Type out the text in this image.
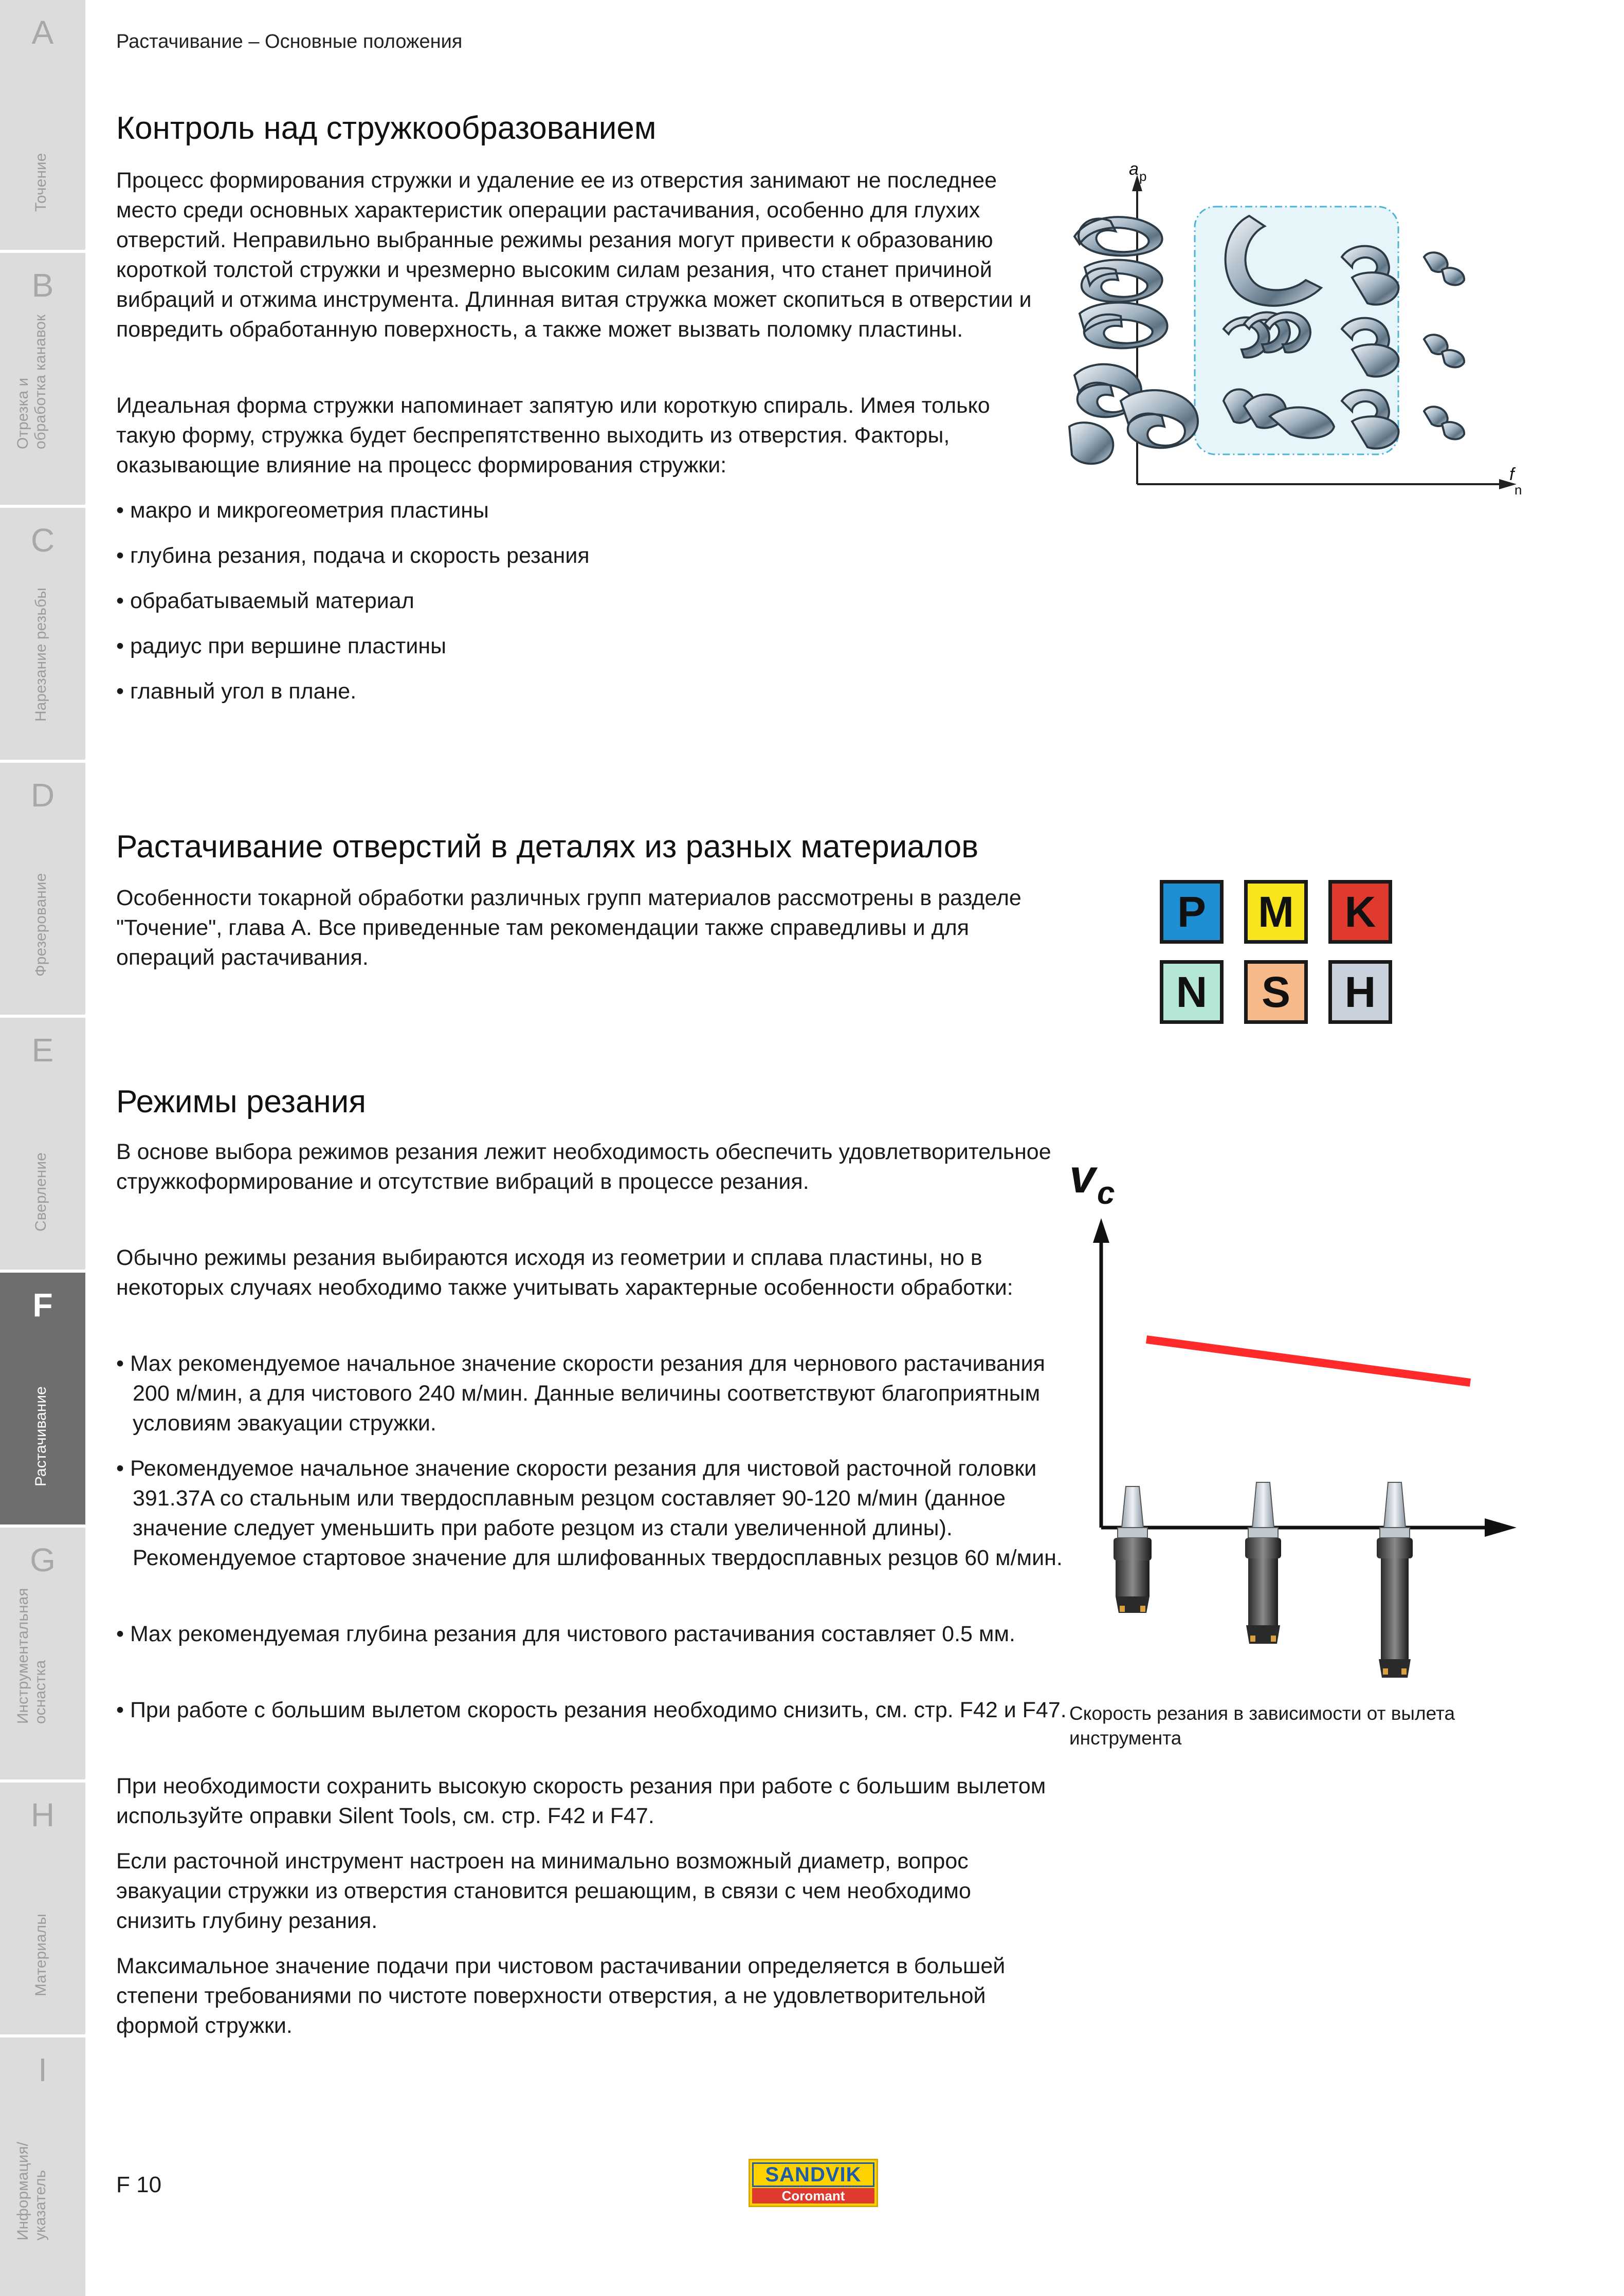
A
Точение
B
Отрезка и
обработка канавок
C
Нарезание резьбы
D
Фрезерование
E
Сверление
F
Растачивание
G
Инструментальная
оснастка
H
Материалы
I
Информация/
указатель
Растачивание – Основные положения
Контроль над стружкообразованием

Процесс формирования стружки и удаление ее из отверстия занимают не последнее место среди основных характеристик операции растачивания, особенно для глухих отверстий. Неправильно выбранные режимы резания могут привести к образованию короткой толстой стружки и чрезмерно высоким силам резания, что станет причиной вибраций и отжима инструмента. Длинная витая стружка может скопиться в отверстии и повредить обработанную поверхность, а также может вызвать поломку пластины.

Идеальная форма стружки напоминает запятую или короткую спираль. Имея только такую форму, стружка будет беспрепятственно выходить из отверстия. Факторы, оказывающие влияние на процесс формирования стружки:

• макро и микрогеометрия пластины
• глубина резания, подача и скорость резания
• обрабатываемый материал
• радиус при вершине пластины
• главный угол в плане.
a p
f
n
Растачивание отверстий в деталях из разных материалов

Особенности токарной обработки различных групп материалов рассмотрены в разделе "Точение", глава А. Все приведенные там рекомендации также справедливы и для операций растачивания.

P	M	K
N	S	H
Режимы резания

В основе выбора режимов резания лежит необходимость обеспечить удовлетворительное стружкоформирование и отсутствие вибраций в процессе резания.

Обычно режимы резания выбираются исходя из геометрии и сплава пластины, но в некоторых случаях необходимо также учитывать характерные особенности обработки:

• Max рекомендуемое начальное значение скорости резания для чернового растачивания 200 м/мин, а для чистового 240 м/мин. Данные величины соответствуют благоприятным условиям эвакуации стружки.

• Рекомендуемое начальное значение скорости резания для чистовой расточной головки 391.37A со стальным или твердосплавным резцом составляет 90-120 м/мин (данное значение следует уменьшить при работе резцом из стали увеличенной длины). Рекомендуемое стартовое значение для шлифованных твердосплавных резцов 60 м/мин.

• Max рекомендуемая глубина резания для чистового растачивания составляет 0.5 мм.

• При работе с большим вылетом скорость резания необходимо снизить, см. стр. F42 и F47.

При необходимости сохранить высокую скорость резания при работе с большим вылетом используйте оправки Silent Tools, см. стр. F42 и F47.

Если расточной инструмент настроен на минимально возможный диаметр, вопрос эвакуации стружки из отверстия становится решающим, в связи с чем необходимо снизить глубину резания.

Максимальное значение подачи при чистовом растачивании определяется в большей степени требованиями по чистоте поверхности отверстия, а не удовлетворительной формой стружки.

v c
Скорость резания в зависимости от вылета инструмента
F 10	SANDVIK
Coromant
